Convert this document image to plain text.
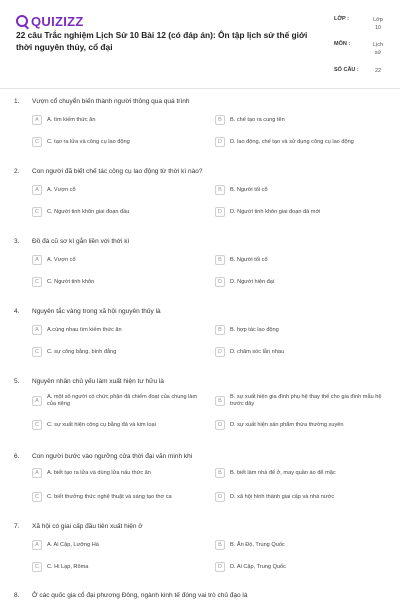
QUIZIZZ
22 câu Trắc nghiệm Lịch Sử 10 Bài 12 (có đáp án): Ôn tập lịch sử thế giới thời nguyên thủy, cổ đại
LỚP :	Lớp
10
MÔN :	Lịch
sử
SỐ CÂU :	22
1. Vượn cổ chuyển biến thành người thông qua quá trình
A	A. tìm kiếm thức ăn	B	B. chế tạo ra cung tên
C	C. tạo ra lửa và công cụ lao động	D	D. lao động, chế tạo và sử dụng công cụ lao động
2. Con người đã biết chế tác công cụ lao động từ thời kì nào?
A	A. Vượn cổ	B	B. Người tối cổ
C	C. Người tinh khôn giai đoạn đầu	D	D. Người tinh khôn giai đoạn đá mới
3. Đồ đá cũ sơ kì gắn liền với thời kì
A	A. Vượn cổ	B	B. Người tối cổ
C	C. Người tinh khôn	D	D. Người hiện đại
4. Nguyên tắc vàng trong xã hội nguyên thủy là
A	A.cùng nhau tìm kiếm thức ăn	B	B. hợp tác lao động
C	C. sự công bằng, bình đẳng	D	D. chăm sóc lẫn nhau
5. Nguyên nhân chủ yếu làm xuất hiện tư hữu là
A
A. một số người có chức phận đã chiếm đoạt của chung làm của riêng	B
B. sự xuất hiện gia đình phụ hệ thay thế cho gia đình mẫu hệ trước đây
C	C. sự xuất hiện công cụ bằng đá và kim loại	D	D. sự xuất hiện sản phẩm thừa thường xuyên
6. Con người bước vào ngưỡng cửa thời đại văn minh khi
A	A. biết tạo ra lửa và dùng lửa nấu thức ăn	B	B. biết làm nhà để ở, may quần áo để mặc
C	C. biết thưởng thức nghệ thuật và sáng tạo thơ ca	D	D. xã hội hình thành giai cấp và nhà nước
7. Xã hội có giai cấp đầu tiên xuất hiện ở
A	A. Ai Cập, Lưỡng Hà	B	B. Ấn Độ, Trung Quốc
C	C. Hi Lạp, Rôma	D	D. Ai Cập, Trung Quốc
8. Ở các quốc gia cổ đại phương Đông, ngành kinh tế đóng vai trò chủ đạo là
